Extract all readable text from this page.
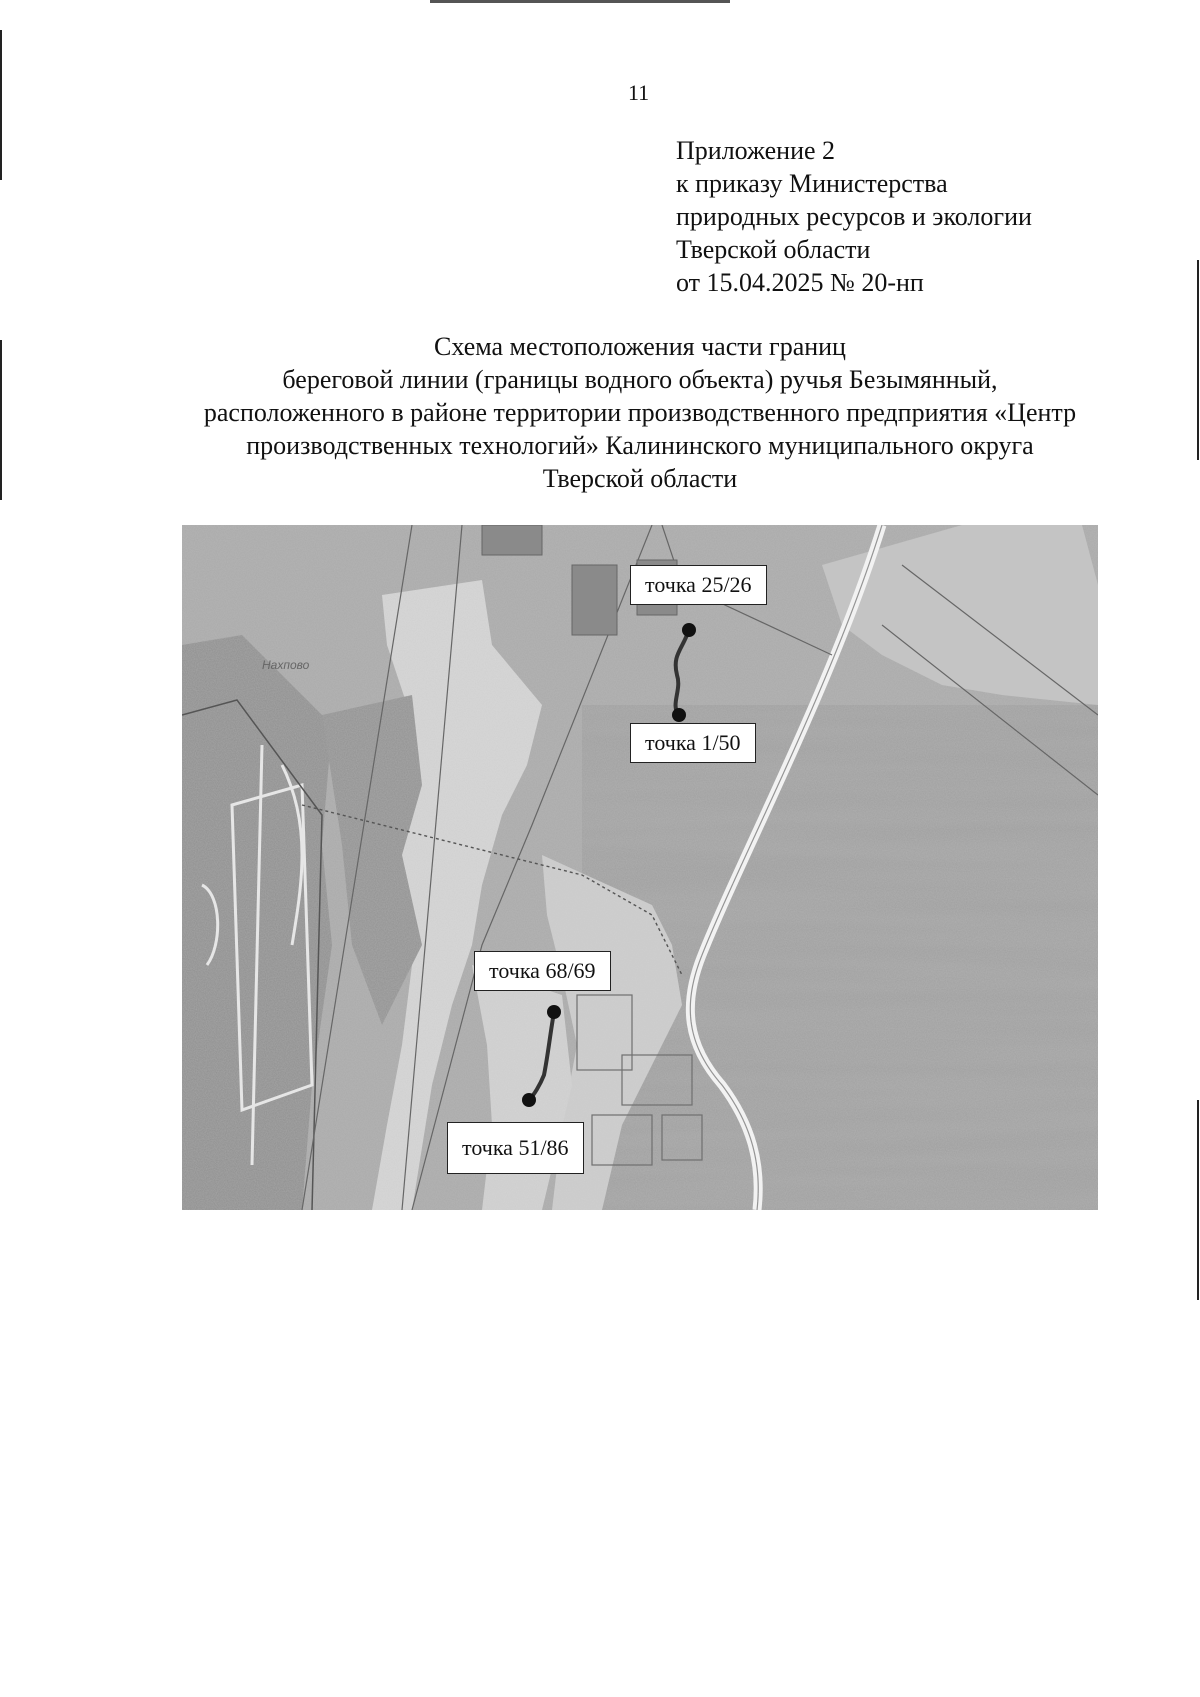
11
Приложение 2
к приказу Министерства
природных ресурсов и экологии
Тверской области
от 15.04.2025 № 20-нп
Схема местоположения части границ
береговой линии (границы водного объекта) ручья Безымянный,
расположенного в районе территории производственного предприятия «Центр
производственных технологий» Калининского муниципального округа
Тверской области
Нахпово
точка 25/26
точка 1/50
точка 68/69
точка 51/86
